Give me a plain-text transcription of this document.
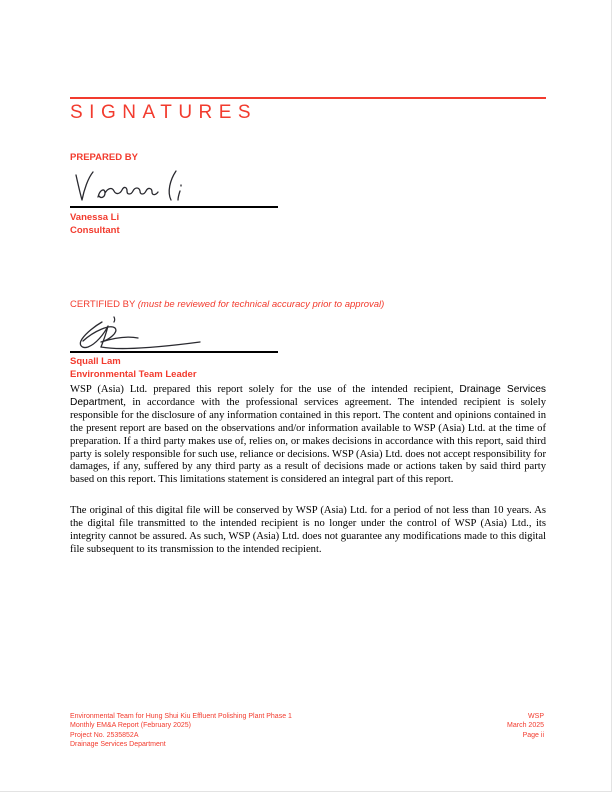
SIGNATURES
PREPARED BY
Vanessa Li
Consultant
CERTIFIED BY (must be reviewed for technical accuracy prior to approval)
Squall Lam
Environmental Team Leader

WSP (Asia) Ltd. prepared this report solely for the use of the intended recipient, Drainage Services Department, in accordance with the professional services agreement. The intended recipient is solely responsible for the disclosure of any information contained in this report. The content and opinions contained in the present report are based on the observations and/or information available to WSP (Asia) Ltd. at the time of preparation. If a third party makes use of, relies on, or makes decisions in accordance with this report, said third party is solely responsible for such use, reliance or decisions. WSP (Asia) Ltd. does not accept responsibility for damages, if any, suffered by any third party as a result of decisions made or actions taken by said third party based on this report. This limitations statement is considered an integral part of this report.

The original of this digital file will be conserved by WSP (Asia) Ltd. for a period of not less than 10 years. As the digital file transmitted to the intended recipient is no longer under the control of WSP (Asia) Ltd., its integrity cannot be assured. As such, WSP (Asia) Ltd. does not guarantee any modifications made to this digital file subsequent to its transmission to the intended recipient.

Environmental Team for Hung Shui Kiu Effluent Polishing Plant Phase 1
Monthly EM&A Report (February 2025)
Project No. 2535852A
Drainage Services Department
WSP
March 2025
Page ii
